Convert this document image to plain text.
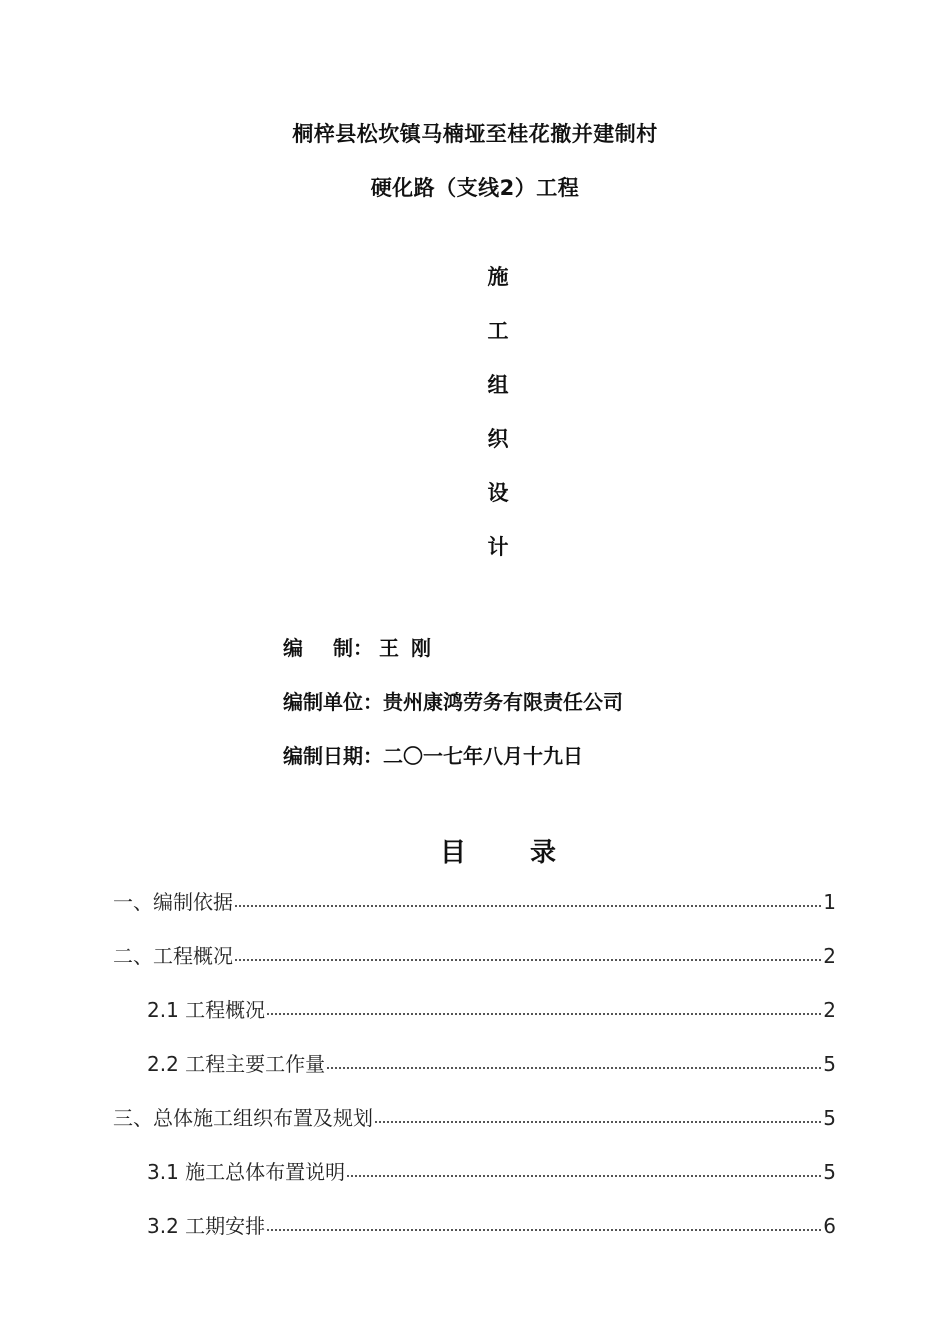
桐梓县松坎镇马楠垭至桂花撤并建制村
硬化路（支线2）工程
施
工
组
织
设
计
编 制： 王 刚
编制单位：贵州康鸿劳务有限责任公司
编制日期：二〇一七年八月十九日
目 录
一、编制依据	1
二、工程概况	2
2.1 工程概况	2
2.2 工程主要工作量	5
三、总体施工组织布置及规划	5
3.1 施工总体布置说明	5
3.2 工期安排	6
